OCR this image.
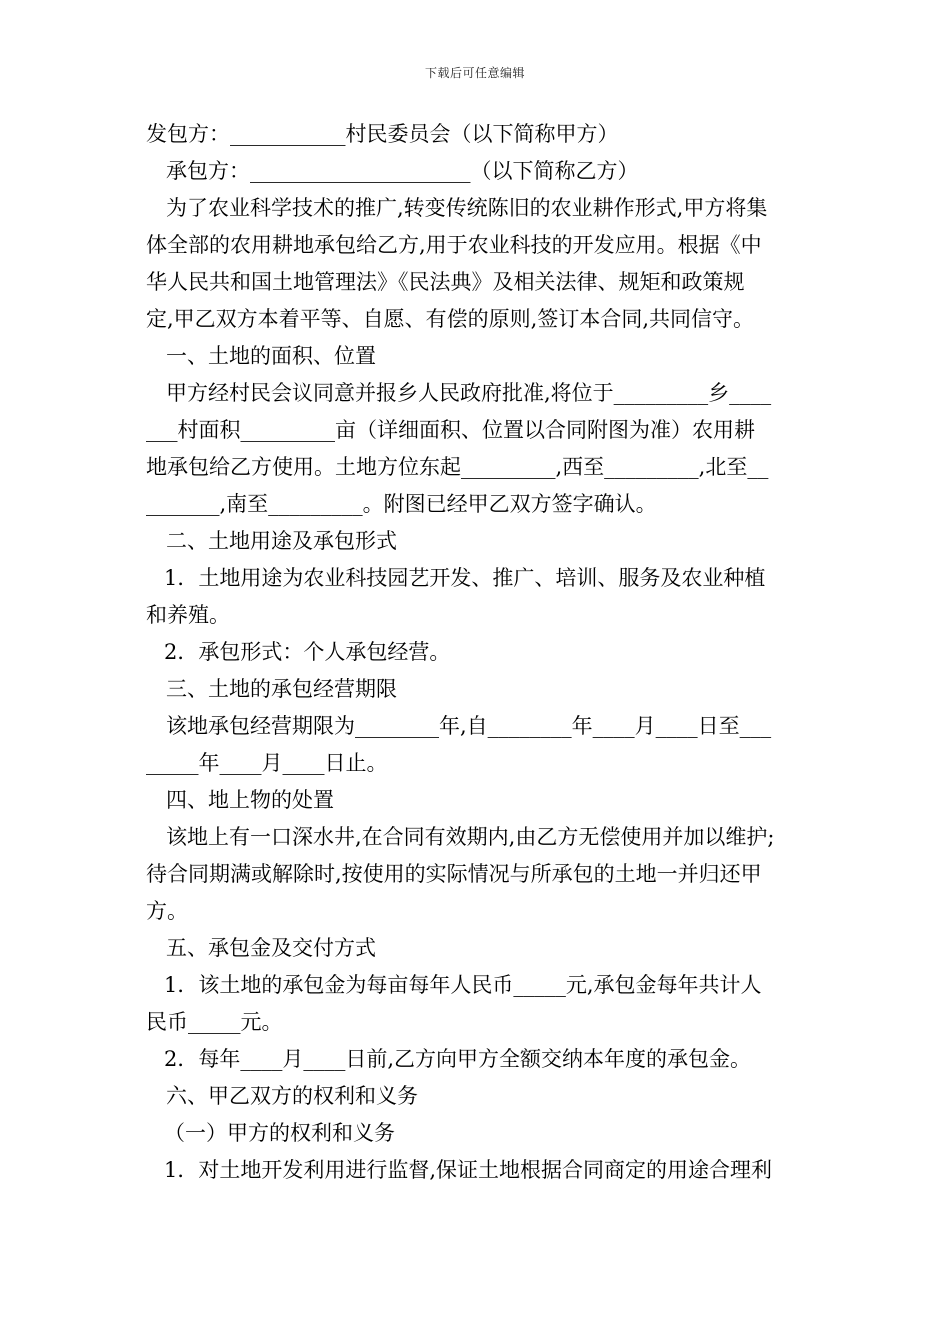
下载后可任意编辑
发包方：___________村民委员会（以下简称甲方）
承包方：_____________________（以下简称乙方）
为了农业科学技术的推广,转变传统陈旧的农业耕作形式,甲方将集
体全部的农用耕地承包给乙方,用于农业科技的开发应用。根据《中
华人民共和国土地管理法》《民法典》及相关法律、规矩和政策规
定,甲乙双方本着平等、自愿、有偿的原则,签订本合同,共同信守。
一、土地的面积、位置
甲方经村民会议同意并报乡人民政府批准,将位于_________乡____
___村面积_________亩（详细面积、位置以合同附图为准）农用耕
地承包给乙方使用。土地方位东起_________,西至_________,北至__
_______,南至_________。附图已经甲乙双方签字确认。
二、土地用途及承包形式
1．土地用途为农业科技园艺开发、推广、培训、服务及农业种植
和养殖。
2．承包形式：个人承包经营。
三、土地的承包经营期限
该地承包经营期限为________年,自________年____月____日至___
_____年____月____日止。
四、地上物的处置
该地上有一口深水井,在合同有效期内,由乙方无偿使用并加以维护;
待合同期满或解除时,按使用的实际情况与所承包的土地一并归还甲
方。
五、承包金及交付方式
1．该土地的承包金为每亩每年人民币_____元,承包金每年共计人
民币_____元。
2．每年____月____日前,乙方向甲方全额交纳本年度的承包金。
六、甲乙双方的权利和义务
（一）甲方的权利和义务
1．对土地开发利用进行监督,保证土地根据合同商定的用途合理利
